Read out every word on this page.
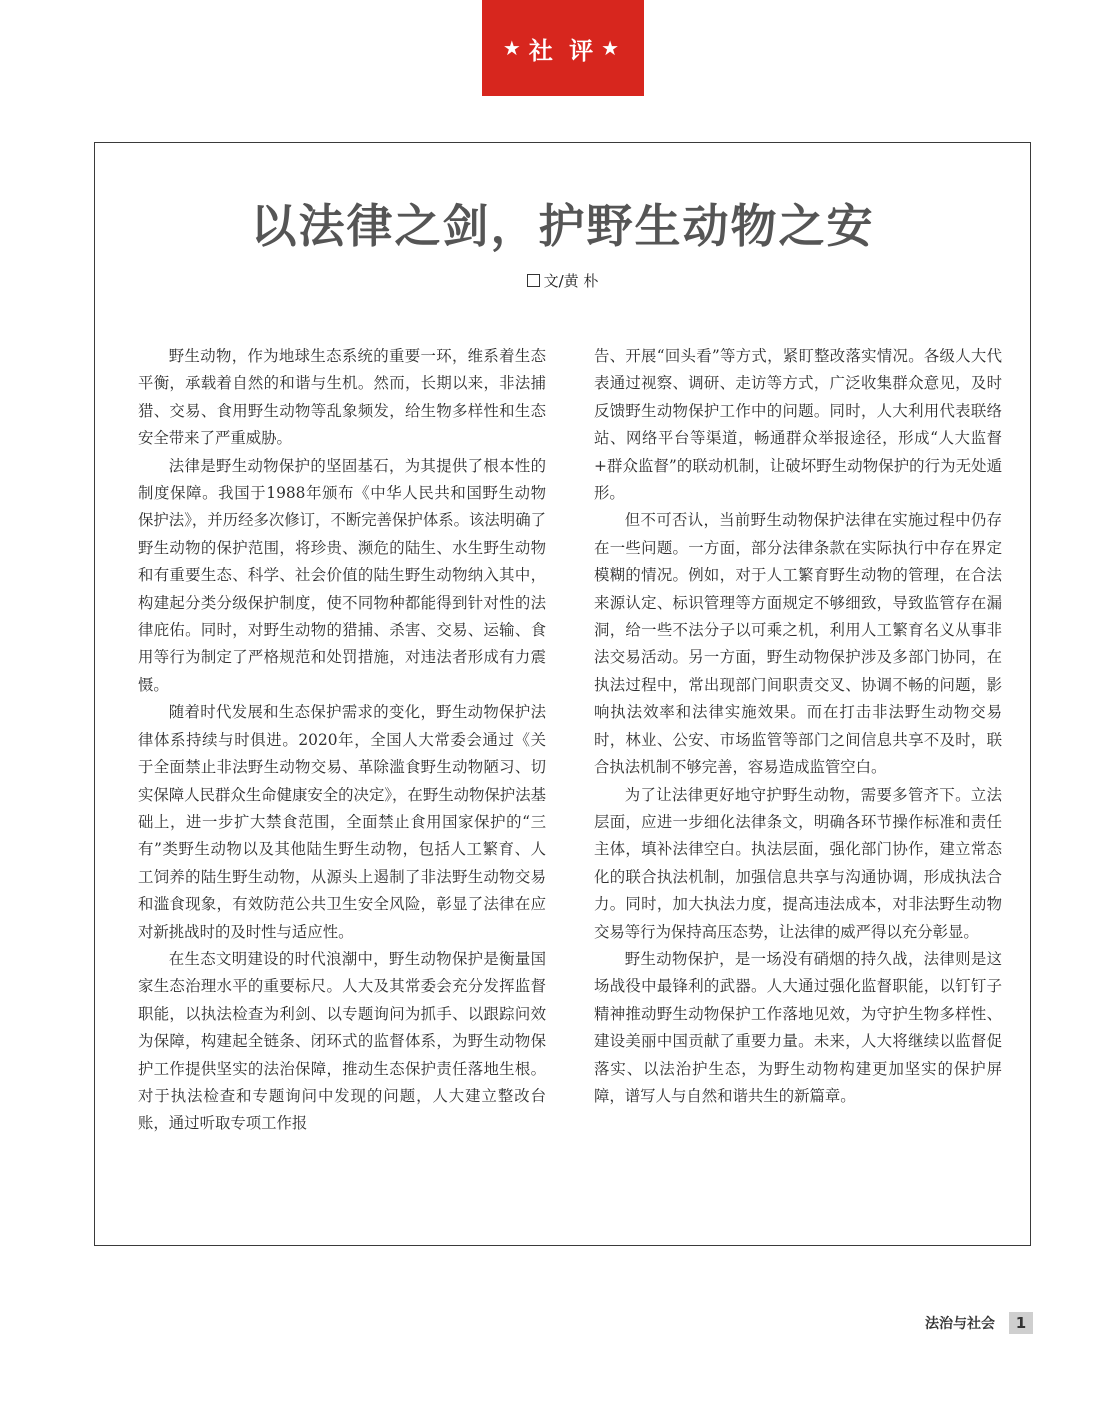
★ 社 评 ★
以法律之剑，护野生动物之安
文/黄 朴

野生动物，作为地球生态系统的重要一环，维系着生态平衡，承载着自然的和谐与生机。然而，长期以来，非法捕猎、交易、食用野生动物等乱象频发，给生物多样性和生态安全带来了严重威胁。

法律是野生动物保护的坚固基石，为其提供了根本性的制度保障。我国于1988年颁布《中华人民共和国野生动物保护法》，并历经多次修订，不断完善保护体系。该法明确了野生动物的保护范围，将珍贵、濒危的陆生、水生野生动物和有重要生态、科学、社会价值的陆生野生动物纳入其中，构建起分类分级保护制度，使不同物种都能得到针对性的法律庇佑。同时，对野生动物的猎捕、杀害、交易、运输、食用等行为制定了严格规范和处罚措施，对违法者形成有力震慑。

随着时代发展和生态保护需求的变化，野生动物保护法律体系持续与时俱进。2020年，全国人大常委会通过《关于全面禁止非法野生动物交易、革除滥食野生动物陋习、切实保障人民群众生命健康安全的决定》，在野生动物保护法基础上，进一步扩大禁食范围，全面禁止食用国家保护的“三有”类野生动物以及其他陆生野生动物，包括人工繁育、人工饲养的陆生野生动物，从源头上遏制了非法野生动物交易和滥食现象，有效防范公共卫生安全风险，彰显了法律在应对新挑战时的及时性与适应性。

在生态文明建设的时代浪潮中，野生动物保护是衡量国家生态治理水平的重要标尺。人大及其常委会充分发挥监督职能，以执法检查为利剑、以专题询问为抓手、以跟踪问效为保障，构建起全链条、闭环式的监督体系，为野生动物保护工作提供坚实的法治保障，推动生态保护责任落地生根。对于执法检查和专题询问中发现的问题，人大建立整改台账，通过听取专项工作报

告、开展“回头看”等方式，紧盯整改落实情况。各级人大代表通过视察、调研、走访等方式，广泛收集群众意见，及时反馈野生动物保护工作中的问题。同时，人大利用代表联络站、网络平台等渠道，畅通群众举报途径，形成“人大监督+群众监督”的联动机制，让破坏野生动物保护的行为无处遁形。

但不可否认，当前野生动物保护法律在实施过程中仍存在一些问题。一方面，部分法律条款在实际执行中存在界定模糊的情况。例如，对于人工繁育野生动物的管理，在合法来源认定、标识管理等方面规定不够细致，导致监管存在漏洞，给一些不法分子以可乘之机，利用人工繁育名义从事非法交易活动。另一方面，野生动物保护涉及多部门协同，在执法过程中，常出现部门间职责交叉、协调不畅的问题，影响执法效率和法律实施效果。而在打击非法野生动物交易时，林业、公安、市场监管等部门之间信息共享不及时，联合执法机制不够完善，容易造成监管空白。

为了让法律更好地守护野生动物，需要多管齐下。立法层面，应进一步细化法律条文，明确各环节操作标准和责任主体，填补法律空白。执法层面，强化部门协作，建立常态化的联合执法机制，加强信息共享与沟通协调，形成执法合力。同时，加大执法力度，提高违法成本，对非法野生动物交易等行为保持高压态势，让法律的威严得以充分彰显。

野生动物保护，是一场没有硝烟的持久战，法律则是这场战役中最锋利的武器。人大通过强化监督职能，以钉钉子精神推动野生动物保护工作落地见效，为守护生物多样性、建设美丽中国贡献了重要力量。未来，人大将继续以监督促落实、以法治护生态，为野生动物构建更加坚实的保护屏障，谱写人与自然和谐共生的新篇章。

法治与社会	1
